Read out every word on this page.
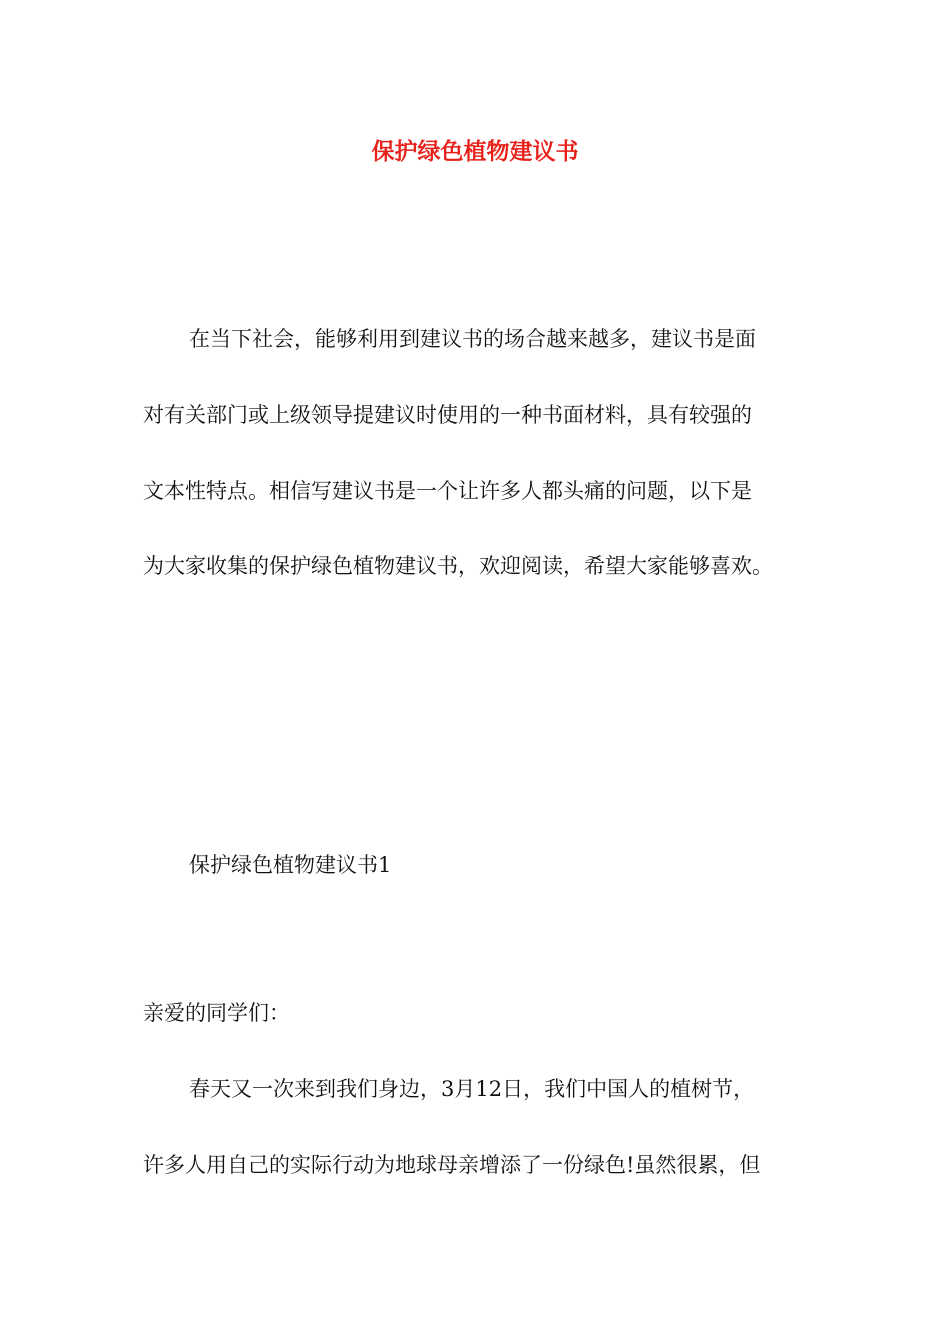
保护绿色植物建议书

在当下社会，能够利用到建议书的场合越来越多，建议书是面

对有关部门或上级领导提建议时使用的一种书面材料，具有较强的

文本性特点。相信写建议书是一个让许多人都头痛的问题，以下是

为大家收集的保护绿色植物建议书，欢迎阅读，希望大家能够喜欢。

保护绿色植物建议书1

亲爱的同学们：

春天又一次来到我们身边，3月12日，我们中国人的植树节，

许多人用自己的实际行动为地球母亲增添了一份绿色!虽然很累，但
